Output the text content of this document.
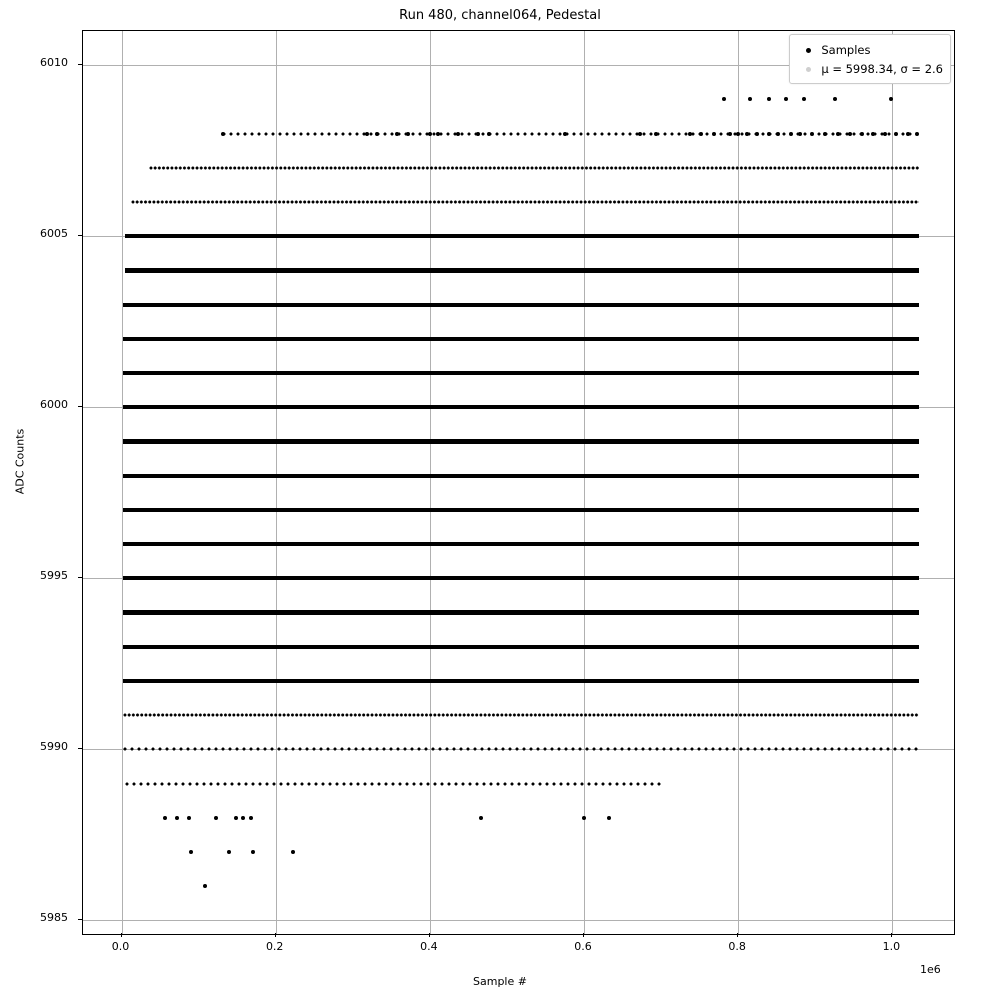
Run 480, channel064, Pedestal
Samples
μ = 5998.34, σ = 2.6
0.0	0.2	0.4	0.6	0.8	1.0
5985
5990
5995
6000
6005
6010
1e6
Sample #
ADC Counts
